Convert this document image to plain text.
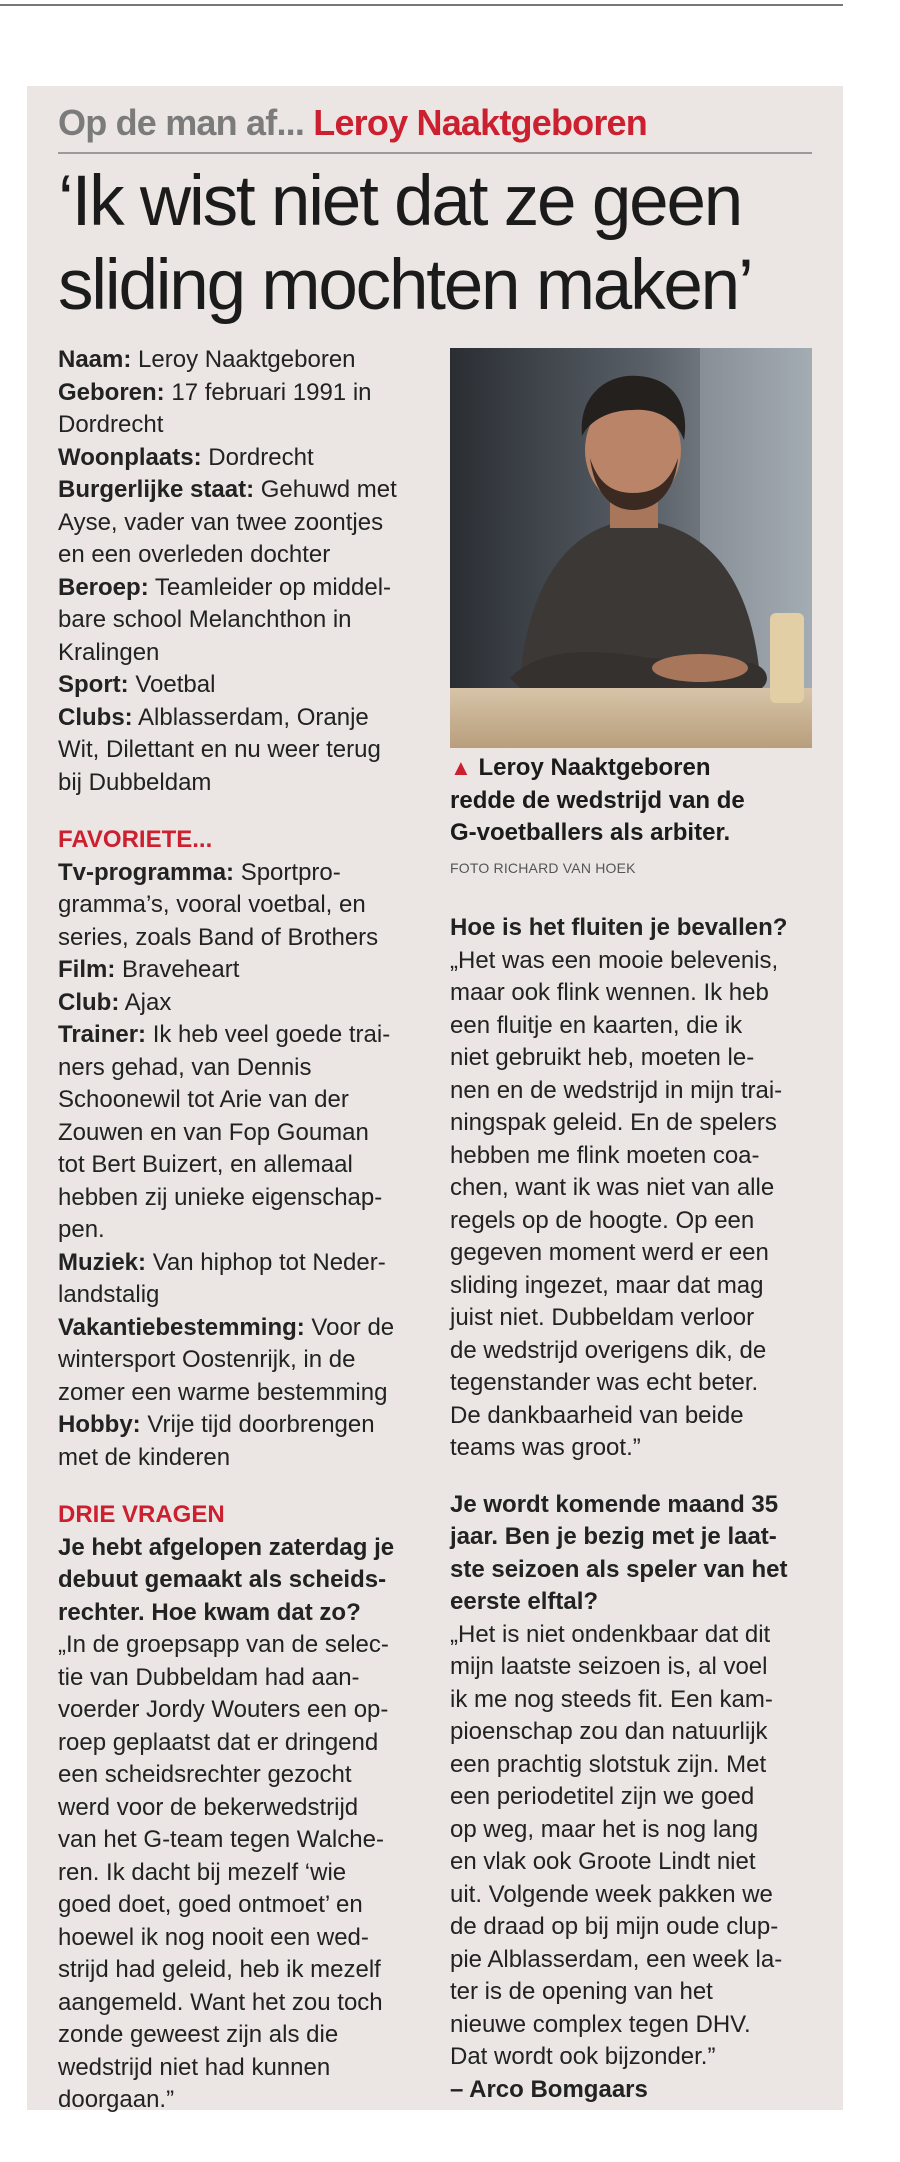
Op de man af... Leroy Naaktgeboren
‘Ik wist niet dat ze geen
sliding mochten maken’

Naam: Leroy Naaktgeboren

Geboren: 17 februari 1991 in

Dordrecht

Woonplaats: Dordrecht

Burgerlijke staat: Gehuwd met

Ayse, vader van twee zoontjes

en een overleden dochter

Beroep: Teamleider op middel-

bare school Melanchthon in

Kralingen

Sport: Voetbal

Clubs: Alblasserdam, Oranje

Wit, Dilettant en nu weer terug

bij Dubbeldam

FAVORIETE...

Tv-programma: Sportpro-

gramma’s, vooral voetbal, en

series, zoals Band of Brothers

Film: Braveheart

Club: Ajax

Trainer: Ik heb veel goede trai-

ners gehad, van Dennis

Schoonewil tot Arie van der

Zouwen en van Fop Gouman

tot Bert Buizert, en allemaal

hebben zij unieke eigenschap-

pen.

Muziek: Van hiphop tot Neder-

landstalig

Vakantiebestemming: Voor de

wintersport Oostenrijk, in de

zomer een warme bestemming

Hobby: Vrije tijd doorbrengen

met de kinderen

DRIE VRAGEN

Je hebt afgelopen zaterdag je

debuut gemaakt als scheids-

rechter. Hoe kwam dat zo?

„In de groepsapp van de selec-

tie van Dubbeldam had aan-

voerder Jordy Wouters een op-

roep geplaatst dat er dringend

een scheidsrechter gezocht

werd voor de bekerwedstrijd

van het G-team tegen Walche-

ren. Ik dacht bij mezelf ‘wie

goed doet, goed ontmoet’ en

hoewel ik nog nooit een wed-

strijd had geleid, heb ik mezelf

aangemeld. Want het zou toch

zonde geweest zijn als die

wedstrijd niet had kunnen

doorgaan.”

▲ Leroy Naaktgeboren
redde de wedstrijd van de
G-voetballers als arbiter.
FOTO RICHARD VAN HOEK

Hoe is het fluiten je bevallen?

„Het was een mooie belevenis,

maar ook flink wennen. Ik heb

een fluitje en kaarten, die ik

niet gebruikt heb, moeten le-

nen en de wedstrijd in mijn trai-

ningspak geleid. En de spelers

hebben me flink moeten coa-

chen, want ik was niet van alle

regels op de hoogte. Op een

gegeven moment werd er een

sliding ingezet, maar dat mag

juist niet. Dubbeldam verloor

de wedstrijd overigens dik, de

tegenstander was echt beter.

De dankbaarheid van beide

teams was groot.”

Je wordt komende maand 35

jaar. Ben je bezig met je laat-

ste seizoen als speler van het

eerste elftal?

„Het is niet ondenkbaar dat dit

mijn laatste seizoen is, al voel

ik me nog steeds fit. Een kam-

pioenschap zou dan natuurlijk

een prachtig slotstuk zijn. Met

een periodetitel zijn we goed

op weg, maar het is nog lang

en vlak ook Groote Lindt niet

uit. Volgende week pakken we

de draad op bij mijn oude clup-

pie Alblasserdam, een week la-

ter is de opening van het

nieuwe complex tegen DHV.

Dat wordt ook bijzonder.”

– Arco Bomgaars
